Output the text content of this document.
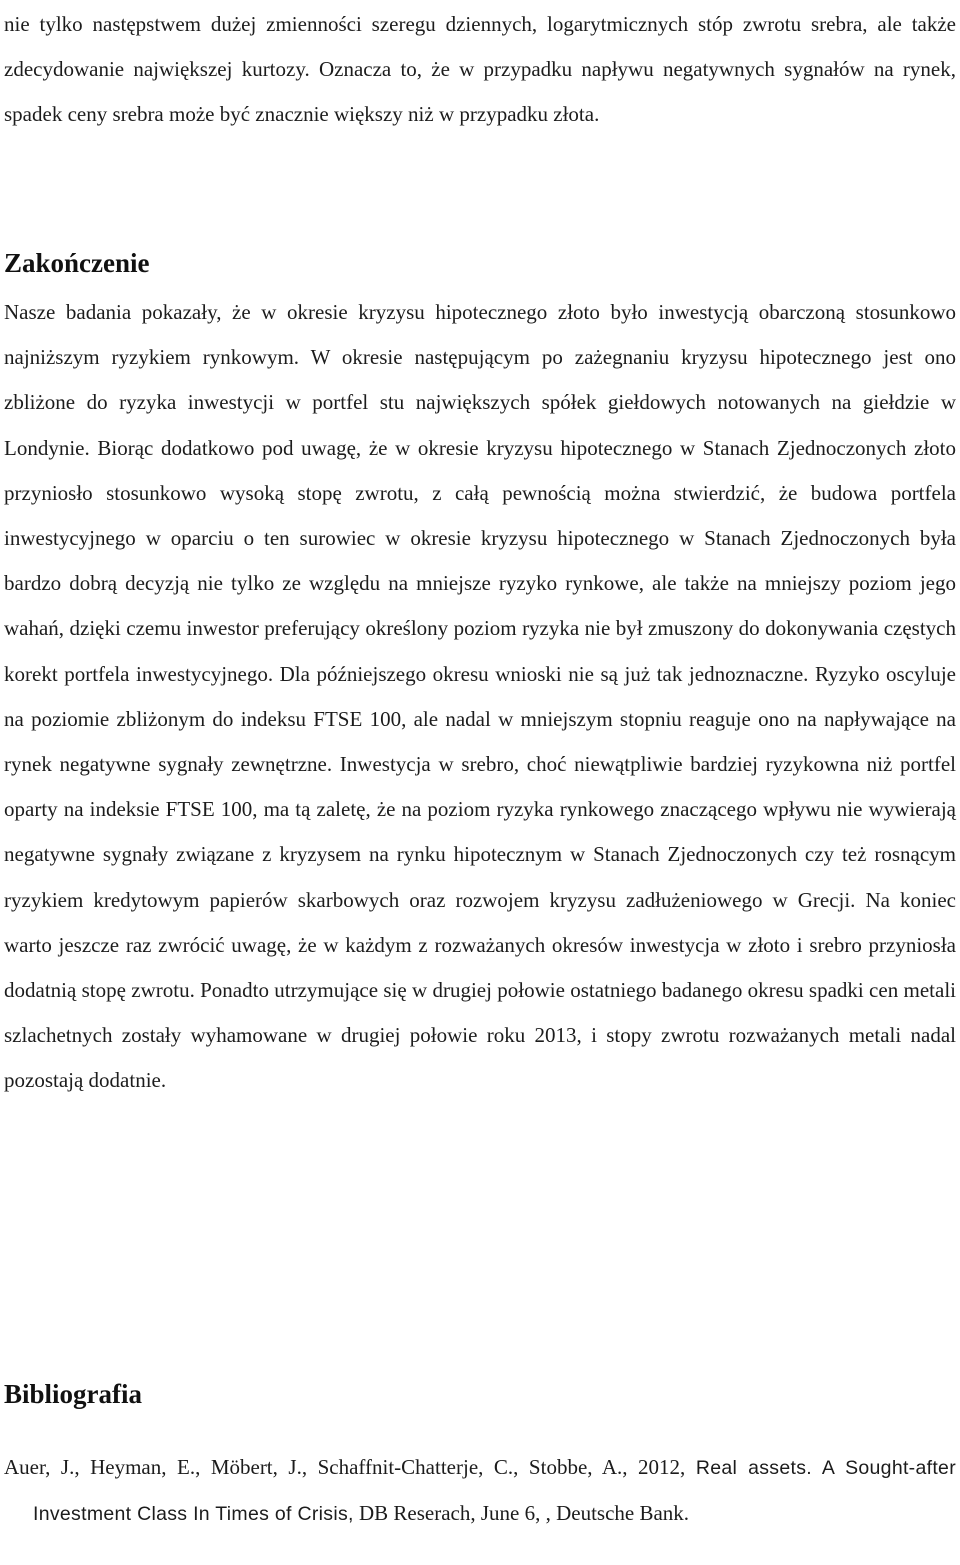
nie tylko następstwem dużej zmienności szeregu dziennych, logarytmicznych stóp zwrotu srebra, ale także zdecydowanie największej kurtozy. Oznacza to, że w przypadku napływu negatywnych sygnałów na rynek, spadek ceny srebra może być znacznie większy niż w przypadku złota.

Zakończenie

Nasze badania pokazały, że w okresie kryzysu hipotecznego złoto było inwestycją obarczoną stosunkowo najniższym ryzykiem rynkowym. W okresie następującym po zażegnaniu kryzysu hipotecznego jest ono zbliżone do ryzyka inwestycji w portfel stu największych spółek giełdowych notowanych na giełdzie w Londynie. Biorąc dodatkowo pod uwagę, że w okresie kryzysu hipotecznego w Stanach Zjednoczonych złoto przyniosło stosunkowo wysoką stopę zwrotu, z całą pewnością można stwierdzić, że budowa portfela inwestycyjnego w oparciu o ten surowiec w okresie kryzysu hipotecznego w Stanach Zjednoczonych była bardzo dobrą decyzją nie tylko ze względu na mniejsze ryzyko rynkowe, ale także na mniejszy poziom jego wahań, dzięki czemu inwestor preferujący określony poziom ryzyka nie był zmuszony do dokonywania częstych korekt portfela inwestycyjnego. Dla późniejszego okresu wnioski nie są już tak jednoznaczne. Ryzyko oscyluje na poziomie zbliżonym do indeksu FTSE 100, ale nadal w mniejszym stopniu reaguje ono na napływające na rynek negatywne sygnały zewnętrzne. Inwestycja w srebro, choć niewątpliwie bardziej ryzykowna niż portfel oparty na indeksie FTSE 100, ma tą zaletę, że na poziom ryzyka rynkowego znaczącego wpływu nie wywierają negatywne sygnały związane z kryzysem na rynku hipotecznym w Stanach Zjednoczonych czy też rosnącym ryzykiem kredytowym papierów skarbowych oraz rozwojem kryzysu zadłużeniowego w Grecji. Na koniec warto jeszcze raz zwrócić uwagę, że w każdym z rozważanych okresów inwestycja w złoto i srebro przyniosła dodatnią stopę zwrotu. Ponadto utrzymujące się w drugiej połowie ostatniego badanego okresu spadki cen metali szlachetnych zostały wyhamowane w drugiej połowie roku 2013, i stopy zwrotu rozważanych metali nadal pozostają dodatnie.

Bibliografia
Auer, J., Heyman, E., Möbert, J., Schaffnit-Chatterje, C., Stobbe, A., 2012, Real assets. A Sought-after Investment Class In Times of Crisis, DB Reserach, June 6, , Deutsche Bank.
